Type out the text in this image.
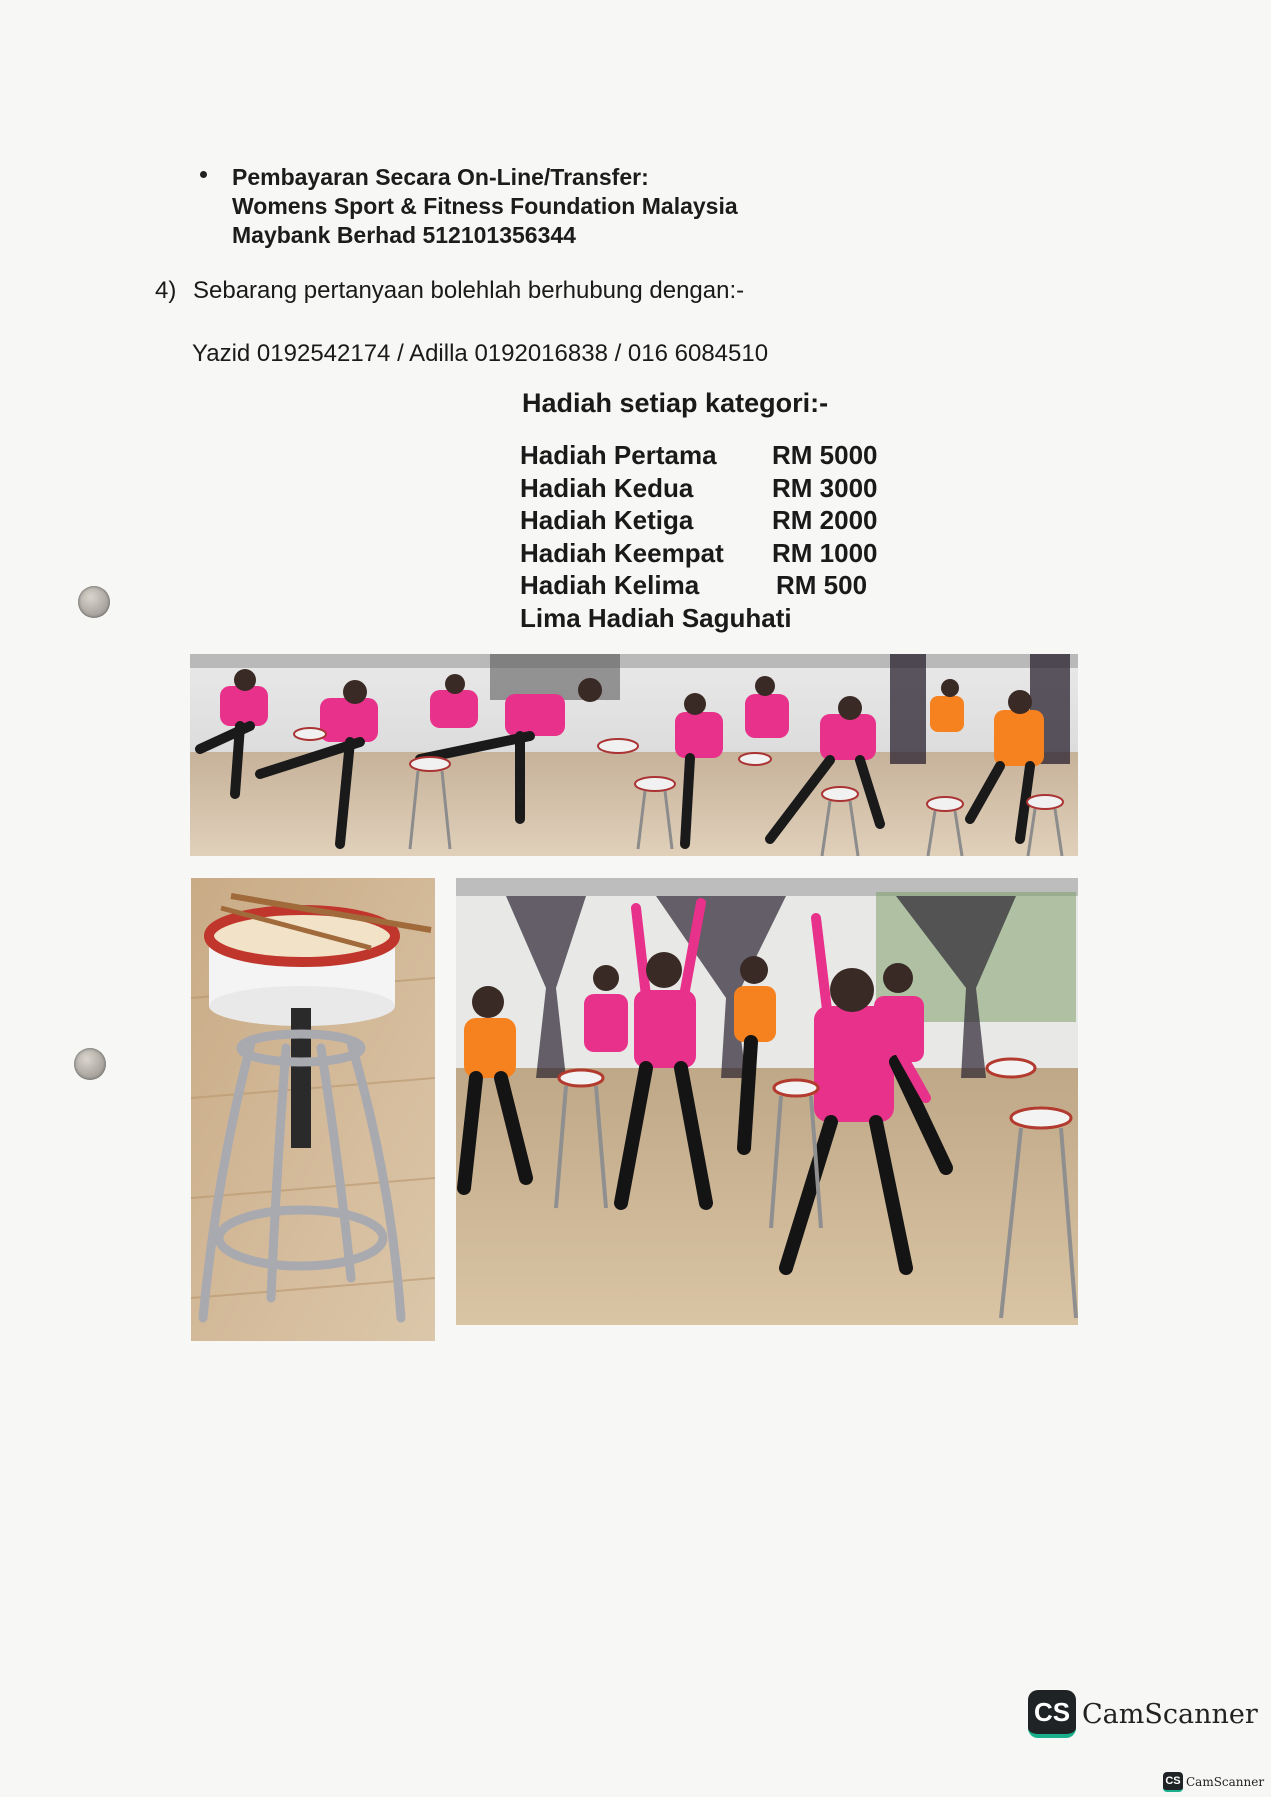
Pembayaran Secara On-Line/Transfer:
Womens Sport & Fitness Foundation Malaysia
Maybank Berhad 512101356344
4) Sebarang pertanyaan bolehlah berhubung dengan:-
Yazid 0192542174 / Adilla 0192016838 / 016 6084510
Hadiah setiap kategori:-
Hadiah Pertama RM 5000
Hadiah Kedua	RM 3000
Hadiah Ketiga	RM 2000
Hadiah Keempat RM 1000
Hadiah Kelima	RM 500
Lima Hadiah Saguhati
CS CamScanner
CS CamScanner
